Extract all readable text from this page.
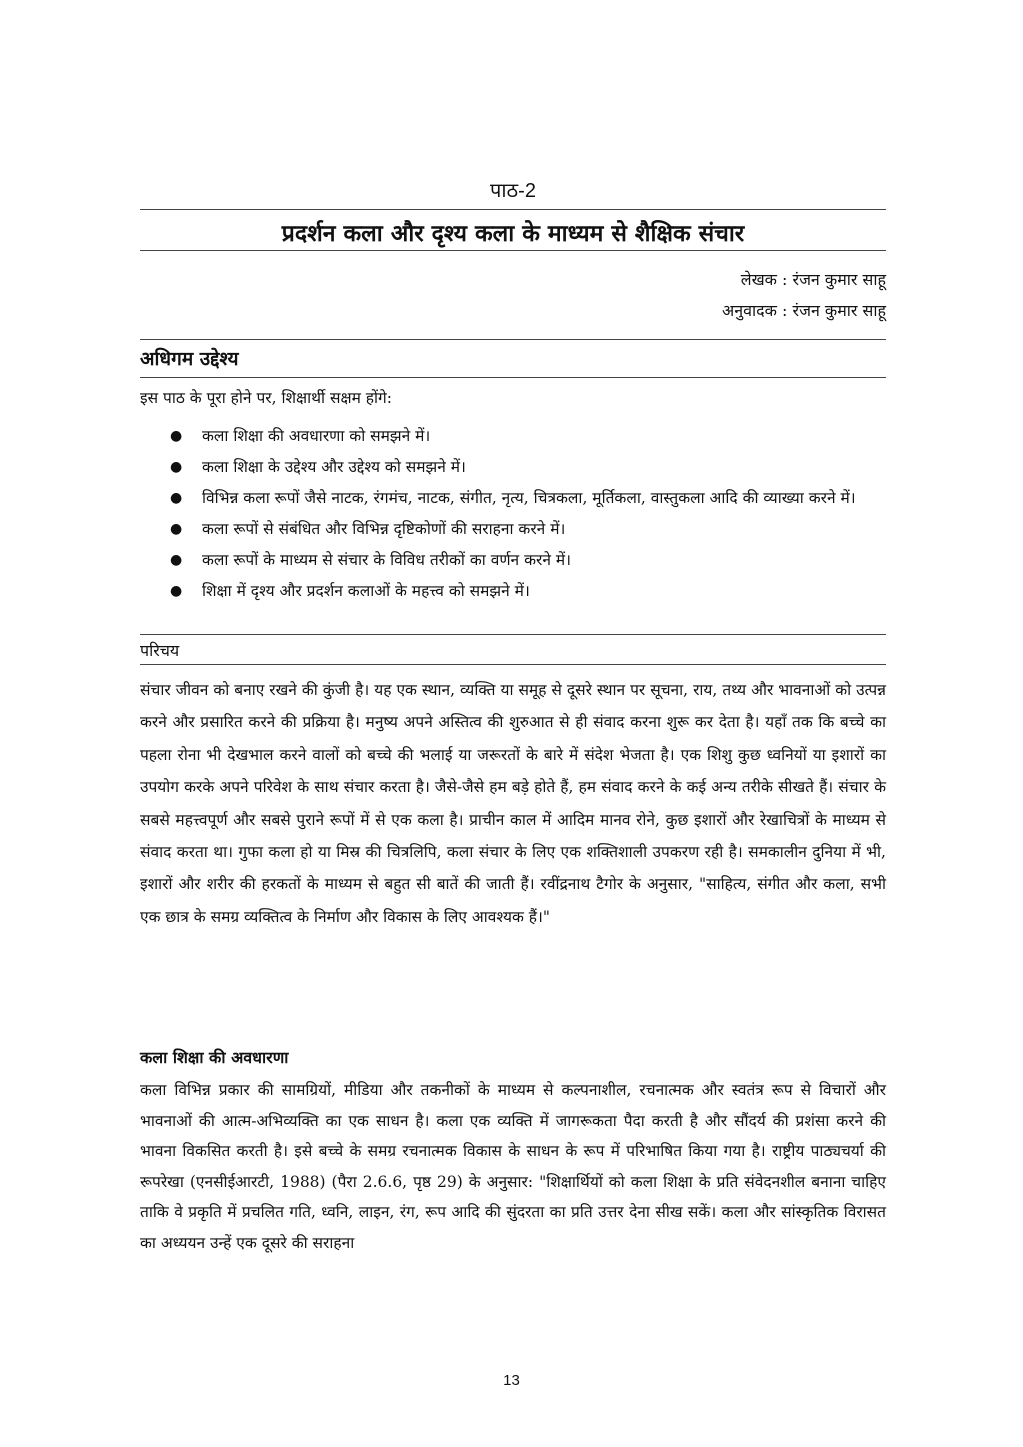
पाठ-2
प्रदर्शन कला और दृश्य कला के माध्यम से शैक्षिक संचार
लेखक : रंजन कुमार साहू
अनुवादक : रंजन कुमार साहू
अधिगम उद्देश्य
इस पाठ के पूरा होने पर, शिक्षार्थी सक्षम होंगे:
● कला शिक्षा की अवधारणा को समझने में।
● कला शिक्षा के उद्देश्य और उद्देश्य को समझने में।
● विभिन्न कला रूपों जैसे नाटक, रंगमंच, नाटक, संगीत, नृत्य, चित्रकला, मूर्तिकला, वास्तुकला आदि की व्याख्या करने में।
● कला रूपों से संबंधित और विभिन्न दृष्टिकोणों की सराहना करने में।
● कला रूपों के माध्यम से संचार के विविध तरीकों का वर्णन करने में।
● शिक्षा में दृश्य और प्रदर्शन कलाओं के महत्त्व को समझने में।
परिचय

संचार जीवन को बनाए रखने की कुंजी है। यह एक स्थान, व्यक्ति या समूह से दूसरे स्थान पर सूचना, राय, तथ्य और भावनाओं को उत्पन्न करने और प्रसारित करने की प्रक्रिया है। मनुष्य अपने अस्तित्व की शुरुआत से ही संवाद करना शुरू कर देता है। यहाँ तक कि बच्चे का पहला रोना भी देखभाल करने वालों को बच्चे की भलाई या जरूरतों के बारे में संदेश भेजता है। एक शिशु कुछ ध्वनियों या इशारों का उपयोग करके अपने परिवेश के साथ संचार करता है। जैसे-जैसे हम बड़े होते हैं, हम संवाद करने के कई अन्य तरीके सीखते हैं। संचार के सबसे महत्त्वपूर्ण और सबसे पुराने रूपों में से एक कला है। प्राचीन काल में आदिम मानव रोने, कुछ इशारों और रेखाचित्रों के माध्यम से संवाद करता था। गुफा कला हो या मिस्र की चित्रलिपि, कला संचार के लिए एक शक्तिशाली उपकरण रही है। समकालीन दुनिया में भी, इशारों और शरीर की हरकतों के माध्यम से बहुत सी बातें की जाती हैं। रवींद्रनाथ टैगोर के अनुसार, "साहित्य, संगीत और कला, सभी एक छात्र के समग्र व्यक्तित्व के निर्माण और विकास के लिए आवश्यक हैं।"

कला शिक्षा की अवधारणा

कला विभिन्न प्रकार की सामग्रियों, मीडिया और तकनीकों के माध्यम से कल्पनाशील, रचनात्मक और स्वतंत्र रूप से विचारों और भावनाओं की आत्म-अभिव्यक्ति का एक साधन है। कला एक व्यक्ति में जागरूकता पैदा करती है और सौंदर्य की प्रशंसा करने की भावना विकसित करती है। इसे बच्चे के समग्र रचनात्मक विकास के साधन के रूप में परिभाषित किया गया है। राष्ट्रीय पाठ्यचर्या की रूपरेखा (एनसीईआरटी, 1988) (पैरा 2.6.6, पृष्ठ 29) के अनुसार: "शिक्षार्थियों को कला शिक्षा के प्रति संवेदनशील बनाना चाहिए ताकि वे प्रकृति में प्रचलित गति, ध्वनि, लाइन, रंग, रूप आदि की सुंदरता का प्रति उत्तर देना सीख सकें। कला और सांस्कृतिक विरासत का अध्ययन उन्हें एक दूसरे की सराहना

13
